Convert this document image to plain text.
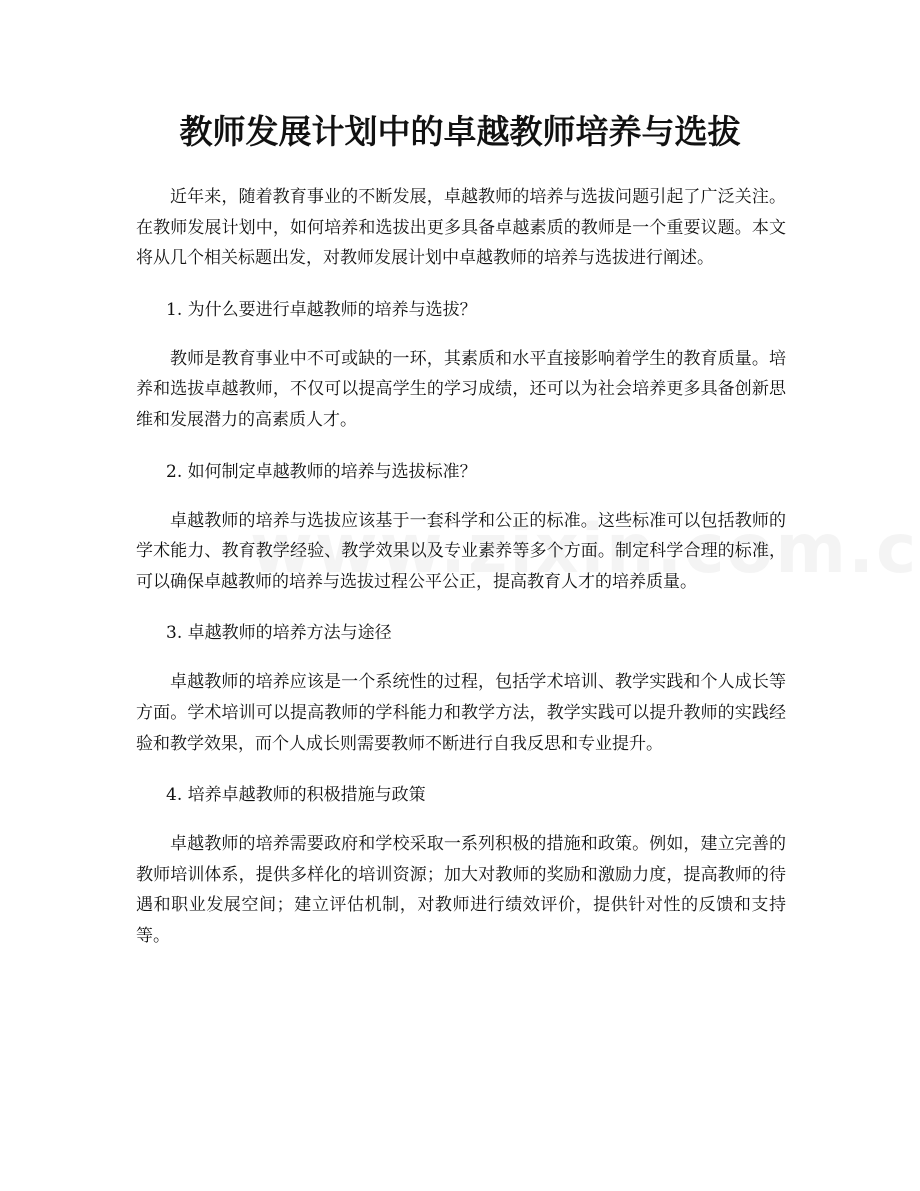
教师发展计划中的卓越教师培养与选拔

近年来，随着教育事业的不断发展，卓越教师的培养与选拔问题引起了广泛关注。在教师发展计划中，如何培养和选拔出更多具备卓越素质的教师是一个重要议题。本文将从几个相关标题出发，对教师发展计划中卓越教师的培养与选拔进行阐述。

1. 为什么要进行卓越教师的培养与选拔？

教师是教育事业中不可或缺的一环，其素质和水平直接影响着学生的教育质量。培养和选拔卓越教师，不仅可以提高学生的学习成绩，还可以为社会培养更多具备创新思维和发展潜力的高素质人才。

2. 如何制定卓越教师的培养与选拔标准？

卓越教师的培养与选拔应该基于一套科学和公正的标准。这些标准可以包括教师的学术能力、教育教学经验、教学效果以及专业素养等多个方面。制定科学合理的标准，可以确保卓越教师的培养与选拔过程公平公正，提高教育人才的培养质量。

3. 卓越教师的培养方法与途径

卓越教师的培养应该是一个系统性的过程，包括学术培训、教学实践和个人成长等方面。学术培训可以提高教师的学科能力和教学方法，教学实践可以提升教师的实践经验和教学效果，而个人成长则需要教师不断进行自我反思和专业提升。

4. 培养卓越教师的积极措施与政策

卓越教师的培养需要政府和学校采取一系列积极的措施和政策。例如，建立完善的教师培训体系，提供多样化的培训资源；加大对教师的奖励和激励力度，提高教师的待遇和职业发展空间；建立评估机制，对教师进行绩效评价，提供针对性的反馈和支持等。
